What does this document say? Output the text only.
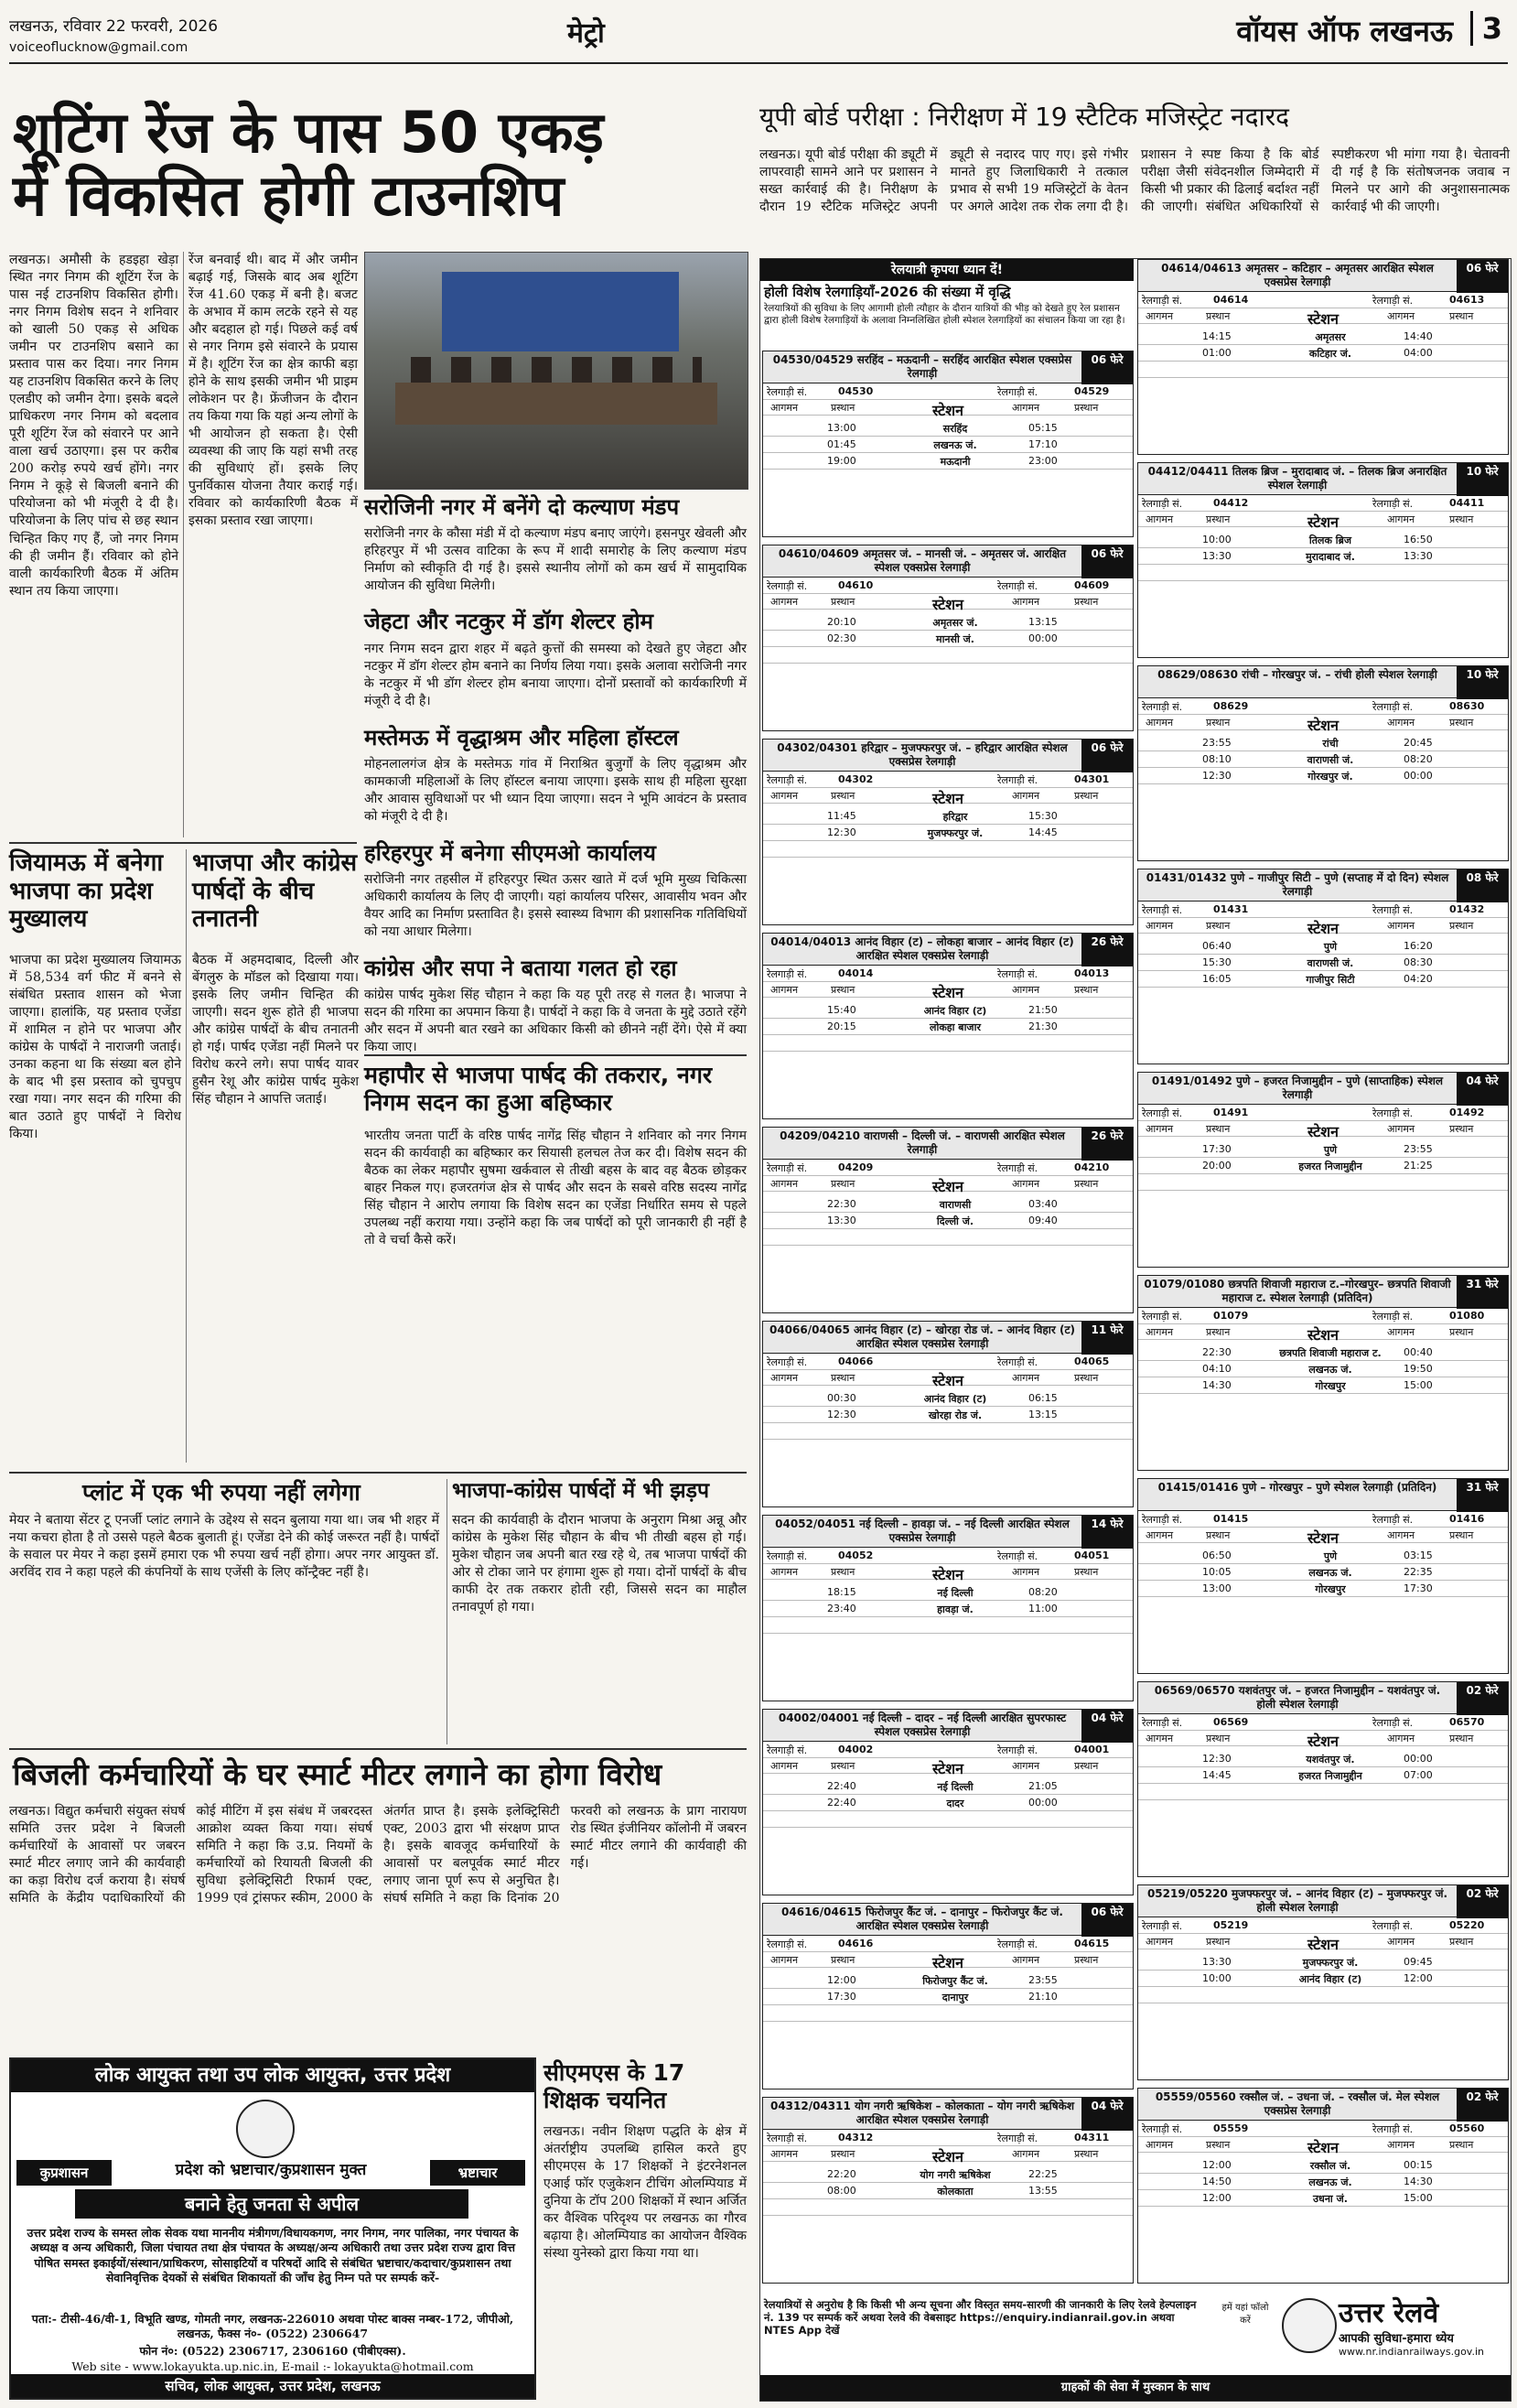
लखनऊ, रविवार 22 फरवरी, 2026
voiceoflucknow@gmail.com	मेट्रो	वॉयस ऑफ लखनऊ 3
शूटिंग रेंज के पास 50 एकड़
में विकसित होगी टाउनशिप
लखनऊ। अमौसी के हडइहा खेड़ा स्थित नगर निगम की शूटिंग रेंज के पास नई टाउनशिप विकसित होगी। नगर निगम विशेष सदन ने शनिवार को खाली 50 एकड़ से अधिक जमीन पर टाउनशिप बसाने का प्रस्ताव पास कर दिया। नगर निगम यह टाउनशिप विकसित करने के लिए एलडीए को जमीन देगा। इसके बदले प्राधिकरण नगर निगम को बदलाव पूरी शूटिंग रेंज को संवारने पर आने वाला खर्च उठाएगा। इस पर करीब 200 करोड़ रुपये खर्च होंगे। नगर निगम ने कूड़े से बिजली बनाने की परियोजना को भी मंजूरी दे दी है। परियोजना के लिए पांच से छह स्थान चिन्हित किए गए हैं, जो नगर निगम की ही जमीन हैं। रविवार को होने वाली कार्यकारिणी बैठक में अंतिम स्थान तय किया जाएगा।
रेंज बनवाई थी। बाद में और जमीन बढ़ाई गई, जिसके बाद अब शूटिंग रेंज 41.60 एकड़ में बनी है। बजट के अभाव में काम लटके रहने से यह और बदहाल हो गई। पिछले कई वर्ष से नगर निगम इसे संवारने के प्रयास में है। शूटिंग रेंज का क्षेत्र काफी बड़ा होने के साथ इसकी जमीन भी प्राइम लोकेशन पर है। फ्रेंजीजन के दौरान तय किया गया कि यहां अन्य लोगों के भी आयोजन हो सकता है। ऐसी व्यवस्था की जाए कि यहां सभी तरह की सुविधाएं हों। इसके लिए पुनर्विकास योजना तैयार कराई गई। रविवार को कार्यकारिणी बैठक में इसका प्रस्ताव रखा जाएगा।
सरोजिनी नगर में बनेंगे दो कल्याण मंडप
सरोजिनी नगर के कौसा मंडी में दो कल्याण मंडप बनाए जाएंगे। हसनपुर खेवली और हरिहरपुर में भी उत्सव वाटिका के रूप में शादी समारोह के लिए कल्याण मंडप निर्माण को स्वीकृति दी गई है। इससे स्थानीय लोगों को कम खर्च में सामुदायिक आयोजन की सुविधा मिलेगी।
जेहटा और नटकुर में डॉग शेल्टर होम
नगर निगम सदन द्वारा शहर में बढ़ते कुत्तों की समस्या को देखते हुए जेहटा और नटकुर में डॉग शेल्टर होम बनाने का निर्णय लिया गया। इसके अलावा सरोजिनी नगर के नटकुर में भी डॉग शेल्टर होम बनाया जाएगा। दोनों प्रस्तावों को कार्यकारिणी में मंजूरी दे दी है।
मस्तेमऊ में वृद्धाश्रम और महिला हॉस्टल
मोहनलालगंज क्षेत्र के मस्तेमऊ गांव में निराश्रित बुजुर्गों के लिए वृद्धाश्रम और कामकाजी महिलाओं के लिए हॉस्टल बनाया जाएगा। इसके साथ ही महिला सुरक्षा और आवास सुविधाओं पर भी ध्यान दिया जाएगा। सदन ने भूमि आवंटन के प्रस्ताव को मंजूरी दे दी है।
हरिहरपुर में बनेगा सीएमओ कार्यालय
सरोजिनी नगर तहसील में हरिहरपुर स्थित ऊसर खाते में दर्ज भूमि मुख्य चिकित्सा अधिकारी कार्यालय के लिए दी जाएगी। यहां कार्यालय परिसर, आवासीय भवन और वैयर आदि का निर्माण प्रस्तावित है। इससे स्वास्थ्य विभाग की प्रशासनिक गतिविधियों को नया आधार मिलेगा।
कांग्रेस और सपा ने बताया गलत हो रहा
कांग्रेस पार्षद मुकेश सिंह चौहान ने कहा कि यह पूरी तरह से गलत है। भाजपा ने सदन की गरिमा का अपमान किया है। पार्षदों ने कहा कि वे जनता के मुद्दे उठाते रहेंगे और सदन में अपनी बात रखने का अधिकार किसी को छीनने नहीं देंगे। ऐसे में क्या किया जाए।
महापौर से भाजपा पार्षद की तकरार, नगर निगम सदन का हुआ बहिष्कार
भारतीय जनता पार्टी के वरिष्ठ पार्षद नागेंद्र सिंह चौहान ने शनिवार को नगर निगम सदन की कार्यवाही का बहिष्कार कर सियासी हलचल तेज कर दी। विशेष सदन की बैठक का लेकर महापौर सुषमा खर्कवाल से तीखी बहस के बाद वह बैठक छोड़कर बाहर निकल गए। हजरतगंज क्षेत्र से पार्षद और सदन के सबसे वरिष्ठ सदस्य नागेंद्र सिंह चौहान ने आरोप लगाया कि विशेष सदन का एजेंडा निर्धारित समय से पहले उपलब्ध नहीं कराया गया। उन्होंने कहा कि जब पार्षदों को पूरी जानकारी ही नहीं है तो वे चर्चा कैसे करें।
जियामऊ में बनेगा भाजपा का प्रदेश मुख्यालय
भाजपा का प्रदेश मुख्यालय जियामऊ में 58,534 वर्ग फीट में बनने से संबंधित प्रस्ताव शासन को भेजा जाएगा। हालांकि, यह प्रस्ताव एजेंडा में शामिल न होने पर भाजपा और कांग्रेस के पार्षदों ने नाराजगी जताई। उनका कहना था कि संख्या बल होने के बाद भी इस प्रस्ताव को चुपचुप रखा गया। नगर सदन की गरिमा की बात उठाते हुए पार्षदों ने विरोध किया।
भाजपा और कांग्रेस पार्षदों के बीच तनातनी
बैठक में अहमदाबाद, दिल्ली और बेंगलुरु के मॉडल को दिखाया गया। इसके लिए जमीन चिन्हित की जाएगी। सदन शुरू होते ही भाजपा और कांग्रेस पार्षदों के बीच तनातनी हो गई। पार्षद एजेंडा नहीं मिलने पर विरोध करने लगे। सपा पार्षद यावर हुसैन रेशू और कांग्रेस पार्षद मुकेश सिंह चौहान ने आपत्ति जताई।
प्लांट में एक भी रुपया नहीं लगेगा
मेयर ने बताया सेंटर टू एनर्जी प्लांट लगाने के उद्देश्य से सदन बुलाया गया था। जब भी शहर में नया कचरा होता है तो उससे पहले बैठक बुलाती हूं। एजेंडा देने की कोई जरूरत नहीं है। पार्षदों के सवाल पर मेयर ने कहा इसमें हमारा एक भी रुपया खर्च नहीं होगा। अपर नगर आयुक्त डॉ. अरविंद राव ने कहा पहले की कंपनियों के साथ एजेंसी के लिए कॉन्ट्रैक्ट नहीं है।
भाजपा-कांग्रेस पार्षदों में भी झड़प
सदन की कार्यवाही के दौरान भाजपा के अनुराग मिश्रा अन्नू और कांग्रेस के मुकेश सिंह चौहान के बीच भी तीखी बहस हो गई। मुकेश चौहान जब अपनी बात रख रहे थे, तब भाजपा पार्षदों की ओर से टोका जाने पर हंगामा शुरू हो गया। दोनों पार्षदों के बीच काफी देर तक तकरार होती रही, जिससे सदन का माहौल तनावपूर्ण हो गया।
बिजली कर्मचारियों के घर स्मार्ट मीटर लगाने का होगा विरोध
लखनऊ। विद्युत कर्मचारी संयुक्त संघर्ष समिति उत्तर प्रदेश ने बिजली कर्मचारियों के आवासों पर जबरन स्मार्ट मीटर लगाए जाने की कार्यवाही का कड़ा विरोध दर्ज कराया है। संघर्ष समिति के केंद्रीय पदाधिकारियों की कोई मीटिंग में इस संबंध में जबरदस्त आक्रोश व्यक्त किया गया। संघर्ष समिति ने कहा कि उ.प्र. नियमों के कर्मचारियों को रियायती बिजली की सुविधा इलेक्ट्रिसिटी रिफार्म एक्ट, 1999 एवं ट्रांसफर स्कीम, 2000 के अंतर्गत प्राप्त है। इसके इलेक्ट्रिसिटी एक्ट, 2003 द्वारा भी संरक्षण प्राप्त है। इसके बावजूद कर्मचारियों के आवासों पर बलपूर्वक स्मार्ट मीटर लगाए जाना पूर्ण रूप से अनुचित है। संघर्ष समिति ने कहा कि दिनांक 20 फरवरी को लखनऊ के प्राग नारायण रोड स्थित इंजीनियर कॉलोनी में जबरन स्मार्ट मीटर लगाने की कार्यवाही की गई।
लोक आयुक्त तथा उप लोक आयुक्त, उत्तर प्रदेश
कुप्रशासन	भ्रष्टाचार
प्रदेश को भ्रष्टाचार/कुप्रशासन मुक्त
बनाने हेतु जनता से अपील
उत्तर प्रदेश राज्य के समस्त लोक सेवक यथा माननीय मंत्रीगण/विधायकगण, नगर निगम, नगर पालिका, नगर पंचायत के अध्यक्ष व अन्य अधिकारी, जिला पंचायत तथा क्षेत्र पंचायत के अध्यक्ष/अन्य अधिकारी तथा उत्तर प्रदेश राज्य द्वारा वित्त पोषित समस्त इकाईयों/संस्थान/प्राधिकरण, सोसाइटियों व परिषदों आदि से संबंधित भ्रष्टाचार/कदाचार/कुप्रशासन तथा सेवानिवृत्तिक देयकों से संबंधित शिकायतों की जाँच हेतु निम्न पते पर सम्पर्क करें-
पता:- टीसी-46/वी-1, विभूति खण्ड, गोमती नगर, लखनऊ-226010 अथवा पोस्ट बाक्स नम्बर-172, जीपीओ, लखनऊ, फैक्स नं०- (0522) 2306647
फोन नं०: (0522) 2306717, 2306160 (पीबीएक्स).
Web site - www.lokayukta.up.nic.in, E-mail :- lokayukta@hotmail.com
सचिव, लोक आयुक्त, उत्तर प्रदेश, लखनऊ
सीएमएस के 17 शिक्षक चयनित
लखनऊ। नवीन शिक्षण पद्धति के क्षेत्र में अंतर्राष्ट्रीय उपलब्धि हासिल करते हुए सीएमएस के 17 शिक्षकों ने इंटरनेशनल एआई फॉर एजुकेशन टीचिंग ओलम्पियाड में दुनिया के टॉप 200 शिक्षकों में स्थान अर्जित कर वैश्विक परिदृश्य पर लखनऊ का गौरव बढ़ाया है। ओलम्पियाड का आयोजन वैश्विक संस्था युनेस्को द्वारा किया गया था।
यूपी बोर्ड परीक्षा : निरीक्षण में 19 स्टैटिक मजिस्ट्रेट नदारद
लखनऊ। यूपी बोर्ड परीक्षा की ड्यूटी में लापरवाही सामने आने पर प्रशासन ने सख्त कार्रवाई की है। निरीक्षण के दौरान 19 स्टैटिक मजिस्ट्रेट अपनी ड्यूटी से नदारद पाए गए। इसे गंभीर मानते हुए जिलाधिकारी ने तत्काल प्रभाव से सभी 19 मजिस्ट्रेटों के वेतन पर अगले आदेश तक रोक लगा दी है। प्रशासन ने स्पष्ट किया है कि बोर्ड परीक्षा जैसी संवेदनशील जिम्मेदारी में किसी भी प्रकार की ढिलाई बर्दाश्त नहीं की जाएगी। संबंधित अधिकारियों से स्पष्टीकरण भी मांगा गया है। चेतावनी दी गई है कि संतोषजनक जवाब न मिलने पर आगे की अनुशासनात्मक कार्रवाई भी की जाएगी।
रेलयात्री कृपया ध्यान दें!
होली विशेष रेलगाड़ियाँ-2026 की संख्या में वृद्धि
रेलयात्रियों की सुविधा के लिए आगामी होली त्यौहार के दौरान यात्रियों की भीड़ को देखते हुए रेल प्रशासन द्वारा होली विशेष रेलगाड़ियों के अलावा निम्नलिखित होली स्पेशल रेलगाड़ियों का संचालन किया जा रहा है।
04530/04529 सरहिंद – मऊदानी – सरहिंद आरक्षित स्पेशल एक्सप्रेस रेलगाड़ी
06 फेरे
रेलगाड़ी सं.	04530	रेलगाड़ी सं.	04529
आगमन	प्रस्थान	आगमन	प्रस्थान
स्टेशन
13:00	सरहिंद	05:15
01:45	लखनऊ जं.	17:10
19:00	मऊदानी	23:00
04610/04609 अमृतसर जं. – मानसी जं. – अमृतसर जं. आरक्षित स्पेशल एक्सप्रेस रेलगाड़ी
06 फेरे
रेलगाड़ी सं.	04610	रेलगाड़ी सं.	04609
आगमन	प्रस्थान	आगमन	प्रस्थान
स्टेशन
20:10	अमृतसर जं.	13:15
02:30	मानसी जं.	00:00
04302/04301 हरिद्वार – मुजफ्फरपुर जं. – हरिद्वार आरक्षित स्पेशल एक्सप्रेस रेलगाड़ी
06 फेरे
रेलगाड़ी सं.	04302	रेलगाड़ी सं.	04301
आगमन	प्रस्थान	आगमन	प्रस्थान
स्टेशन
11:45	हरिद्वार	15:30
12:30	मुजफ्फरपुर जं.	14:45
04014/04013 आनंद विहार (ट) – लोकहा बाजार – आनंद विहार (ट) आरक्षित स्पेशल एक्सप्रेस रेलगाड़ी
26 फेरे
रेलगाड़ी सं.	04014	रेलगाड़ी सं.	04013
आगमन	प्रस्थान	आगमन	प्रस्थान
स्टेशन
15:40	आनंद विहार (ट)	21:50
20:15	लोकहा बाजार	21:30
04209/04210 वाराणसी – दिल्ली जं. – वाराणसी आरक्षित स्पेशल रेलगाड़ी
26 फेरे
रेलगाड़ी सं.	04209	रेलगाड़ी सं.	04210
आगमन	प्रस्थान	आगमन	प्रस्थान
स्टेशन
22:30	वाराणसी	03:40
13:30	दिल्ली जं.	09:40
04066/04065 आनंद विहार (ट) – खोरहा रोड जं. – आनंद विहार (ट) आरक्षित स्पेशल एक्सप्रेस रेलगाड़ी
11 फेरे
रेलगाड़ी सं.	04066	रेलगाड़ी सं.	04065
आगमन	प्रस्थान	आगमन	प्रस्थान
स्टेशन
00:30	आनंद विहार (ट)	06:15
12:30	खोरहा रोड जं.	13:15
04052/04051 नई दिल्ली – हावड़ा जं. – नई दिल्ली आरक्षित स्पेशल एक्सप्रेस रेलगाड़ी
14 फेरे
रेलगाड़ी सं.	04052	रेलगाड़ी सं.	04051
आगमन	प्रस्थान	आगमन	प्रस्थान
स्टेशन
18:15	नई दिल्ली	08:20
23:40	हावड़ा जं.	11:00
04002/04001 नई दिल्ली – दादर – नई दिल्ली आरक्षित सुपरफास्ट स्पेशल एक्सप्रेस रेलगाड़ी
04 फेरे
रेलगाड़ी सं.	04002	रेलगाड़ी सं.	04001
आगमन	प्रस्थान	आगमन	प्रस्थान
स्टेशन
22:40	नई दिल्ली	21:05
22:40	दादर	00:00
04616/04615 फिरोजपुर कैंट जं. – दानापुर – फिरोजपुर कैंट जं. आरक्षित स्पेशल एक्सप्रेस रेलगाड़ी
06 फेरे
रेलगाड़ी सं.	04616	रेलगाड़ी सं.	04615
आगमन	प्रस्थान	आगमन	प्रस्थान
स्टेशन
12:00	फिरोजपुर कैंट जं.	23:55
17:30	दानापुर	21:10
04312/04311 योग नगरी ऋषिकेश – कोलकाता – योग नगरी ऋषिकेश आरक्षित स्पेशल एक्सप्रेस रेलगाड़ी
04 फेरे
रेलगाड़ी सं.	04312	रेलगाड़ी सं.	04311
आगमन	प्रस्थान	आगमन	प्रस्थान
स्टेशन
22:20	योग नगरी ऋषिकेश	22:25
08:00	कोलकाता	13:55
04614/04613 अमृतसर – कटिहार – अमृतसर आरक्षित स्पेशल एक्सप्रेस रेलगाड़ी
06 फेरे
रेलगाड़ी सं.	04614	रेलगाड़ी सं.	04613
आगमन	प्रस्थान	आगमन	प्रस्थान
स्टेशन
14:15	अमृतसर	14:40
01:00	कटिहार जं.	04:00
04412/04411 तिलक ब्रिज – मुरादाबाद जं. – तिलक ब्रिज अनारक्षित स्पेशल रेलगाड़ी
10 फेरे
रेलगाड़ी सं.	04412	रेलगाड़ी सं.	04411
आगमन	प्रस्थान	आगमन	प्रस्थान
स्टेशन
10:00	तिलक ब्रिज	16:50
13:30	मुरादाबाद जं.	13:30
08629/08630 रांची – गोरखपुर जं. – रांची होली स्पेशल रेलगाड़ी	10 फेरे
रेलगाड़ी सं.	08629	रेलगाड़ी सं.	08630
आगमन	प्रस्थान	आगमन	प्रस्थान
स्टेशन
23:55	रांची	20:45
08:10	वाराणसी जं.	08:20
12:30	गोरखपुर जं.	00:00
01431/01432 पुणे – गाजीपुर सिटी – पुणे (सप्ताह में दो दिन) स्पेशल रेलगाड़ी
08 फेरे
रेलगाड़ी सं.	01431	रेलगाड़ी सं.	01432
आगमन	प्रस्थान	आगमन	प्रस्थान
स्टेशन
06:40	पुणे	16:20
15:30	वाराणसी जं.	08:30
16:05	गाजीपुर सिटी	04:20
01491/01492 पुणे – हजरत निजामुद्दीन – पुणे (साप्ताहिक) स्पेशल रेलगाड़ी
04 फेरे
रेलगाड़ी सं.	01491	रेलगाड़ी सं.	01492
आगमन	प्रस्थान	आगमन	प्रस्थान
स्टेशन
17:30	पुणे	23:55
20:00	हजरत निजामुद्दीन	21:25
01079/01080 छत्रपति शिवाजी महाराज ट.–गोरखपुर– छत्रपति शिवाजी महाराज ट. स्पेशल रेलगाड़ी (प्रतिदिन)
31 फेरे
रेलगाड़ी सं.	01079	रेलगाड़ी सं.	01080
आगमन	प्रस्थान	आगमन	प्रस्थान
स्टेशन
22:30	छत्रपति शिवाजी महाराज ट.	00:40
04:10	लखनऊ जं.	19:50
14:30	गोरखपुर	15:00
01415/01416 पुणे – गोरखपुर – पुणे स्पेशल रेलगाड़ी (प्रतिदिन)	31 फेरे
रेलगाड़ी सं.	01415	रेलगाड़ी सं.	01416
आगमन	प्रस्थान	आगमन	प्रस्थान
स्टेशन
06:50	पुणे	03:15
10:05	लखनऊ जं.	22:35
13:00	गोरखपुर	17:30
06569/06570 यशवंतपुर जं. – हजरत निजामुद्दीन – यशवंतपुर जं. होली स्पेशल रेलगाड़ी
02 फेरे
रेलगाड़ी सं.	06569	रेलगाड़ी सं.	06570
आगमन	प्रस्थान	आगमन	प्रस्थान
स्टेशन
12:30	यशवंतपुर जं.	00:00
14:45	हजरत निजामुद्दीन	07:00
05219/05220 मुजफ्फरपुर जं. – आनंद विहार (ट) – मुजफ्फरपुर जं. होली स्पेशल रेलगाड़ी
02 फेरे
रेलगाड़ी सं.	05219	रेलगाड़ी सं.	05220
आगमन	प्रस्थान	आगमन	प्रस्थान
स्टेशन
13:30	मुजफ्फरपुर जं.	09:45
10:00	आनंद विहार (ट)	12:00
05559/05560 रक्सौल जं. – उधना जं. – रक्सौल जं. मेल स्पेशल एक्सप्रेस रेलगाड़ी
02 फेरे
रेलगाड़ी सं.	05559	रेलगाड़ी सं.	05560
आगमन	प्रस्थान	आगमन	प्रस्थान
स्टेशन
12:00	रक्सौल जं.	00:15
14:50	लखनऊ जं.	14:30
12:00	उधना जं.	15:00
रेलयात्रियों से अनुरोध है कि किसी भी अन्य सूचना और विस्तृत समय-सारणी की जानकारी के लिए रेलवे हेल्पलाइन नं. 139 पर सम्पर्क करें अथवा रेलवे की वेबसाइट https://enquiry.indianrail.gov.in अथवा NTES App देखें
हमें यहां फॉलो करें	उत्तर रेलवे
आपकी सुविधा-हमारा ध्येय
www.nr.indianrailways.gov.in
ग्राहकों की सेवा में मुस्कान के साथ
